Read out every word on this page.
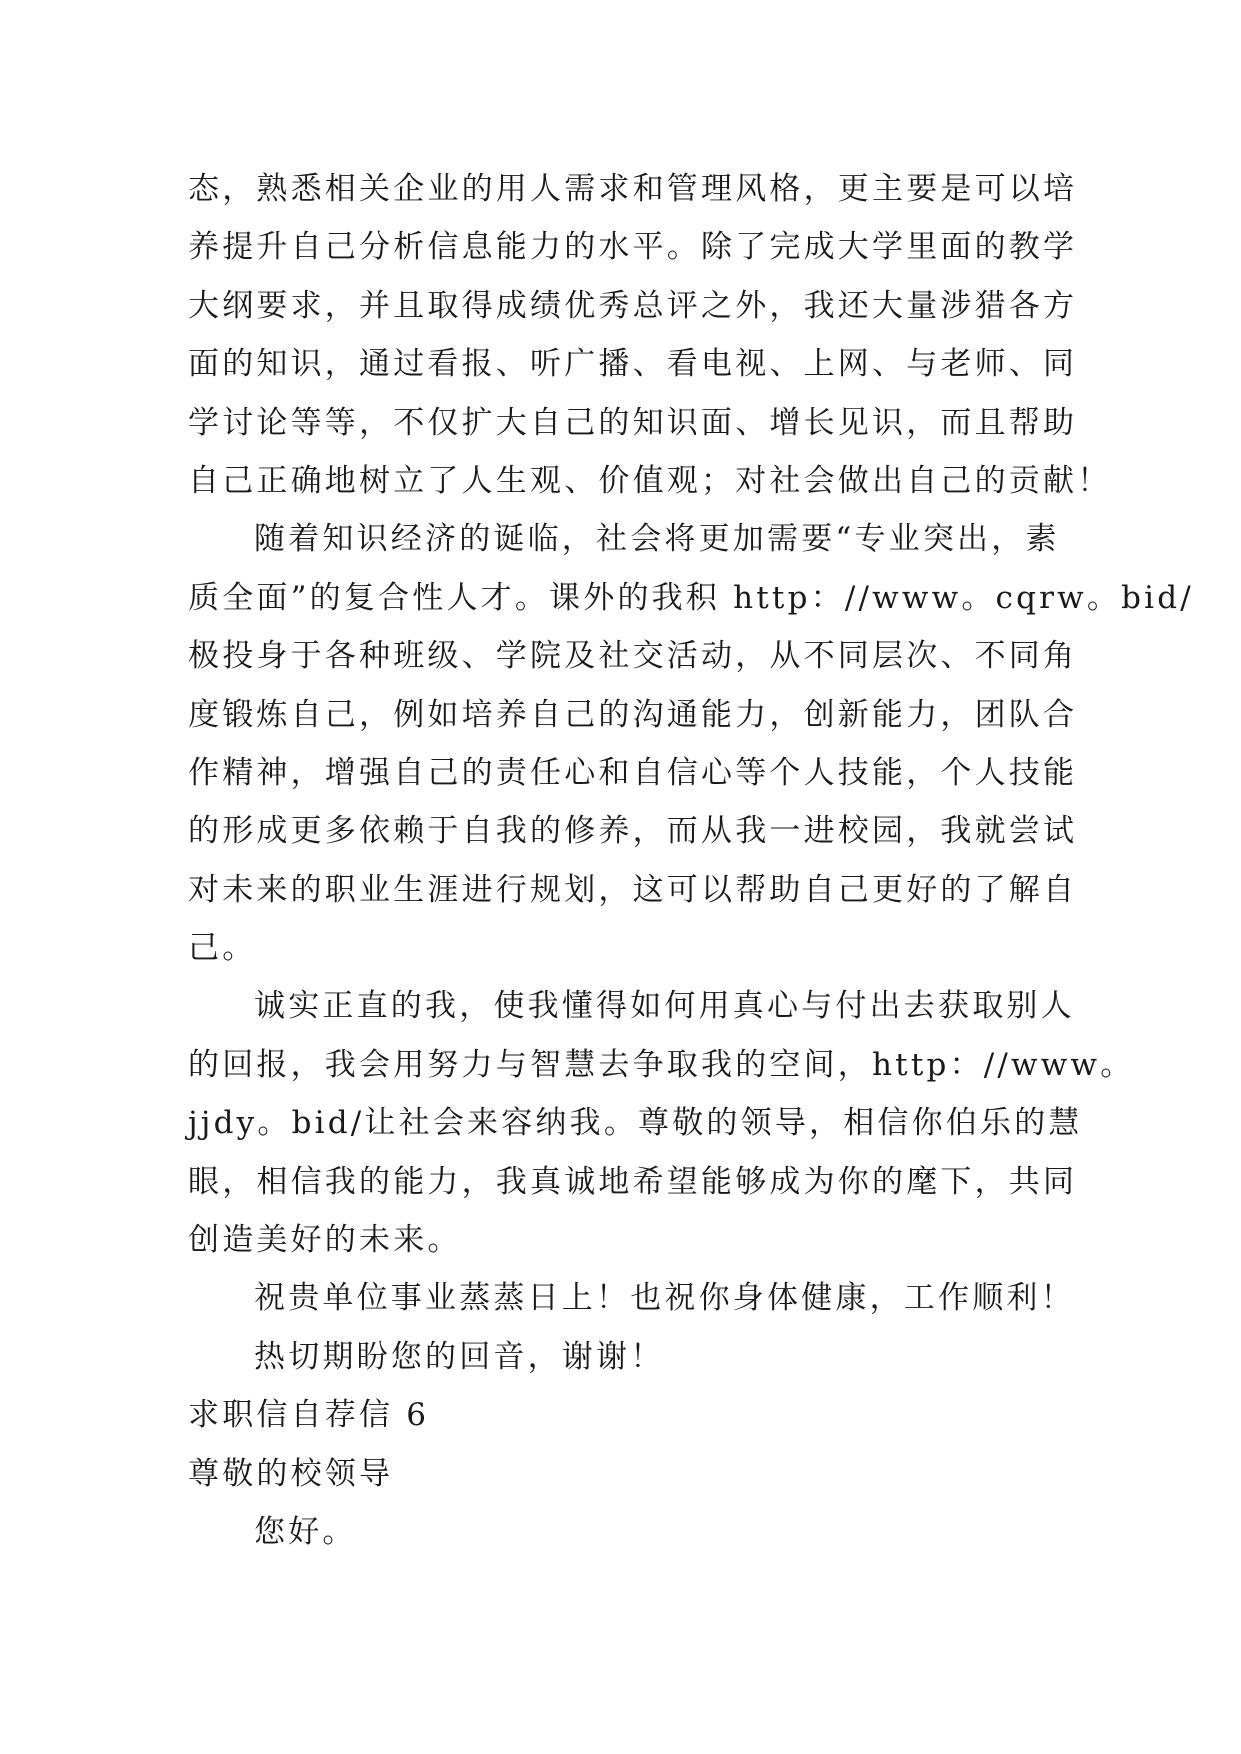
态，熟悉相关企业的用人需求和管理风格，更主要是可以培
养提升自己分析信息能力的水平。除了完成大学里面的教学
大纲要求，并且取得成绩优秀总评之外，我还大量涉猎各方
面的知识，通过看报、听广播、看电视、上网、与老师、同
学讨论等等，不仅扩大自己的知识面、增长见识，而且帮助
自己正确地树立了人生观、价值观；对社会做出自己的贡献！
随着知识经济的诞临，社会将更加需要“专业突出，素
质全面”的复合性人才。课外的我积 http：//www。cqrw。bid/
极投身于各种班级、学院及社交活动，从不同层次、不同角
度锻炼自己，例如培养自己的沟通能力，创新能力，团队合
作精神，增强自己的责任心和自信心等个人技能，个人技能
的形成更多依赖于自我的修养，而从我一进校园，我就尝试
对未来的职业生涯进行规划，这可以帮助自己更好的了解自
己。
诚实正直的我，使我懂得如何用真心与付出去获取别人
的回报，我会用努力与智慧去争取我的空间，http：//www。
jjdy。bid/让社会来容纳我。尊敬的领导，相信你伯乐的慧
眼，相信我的能力，我真诚地希望能够成为你的麾下，共同
创造美好的未来。
祝贵单位事业蒸蒸日上！也祝你身体健康，工作顺利！
热切期盼您的回音，谢谢！
求职信自荐信 6
尊敬的校领导
您好。
